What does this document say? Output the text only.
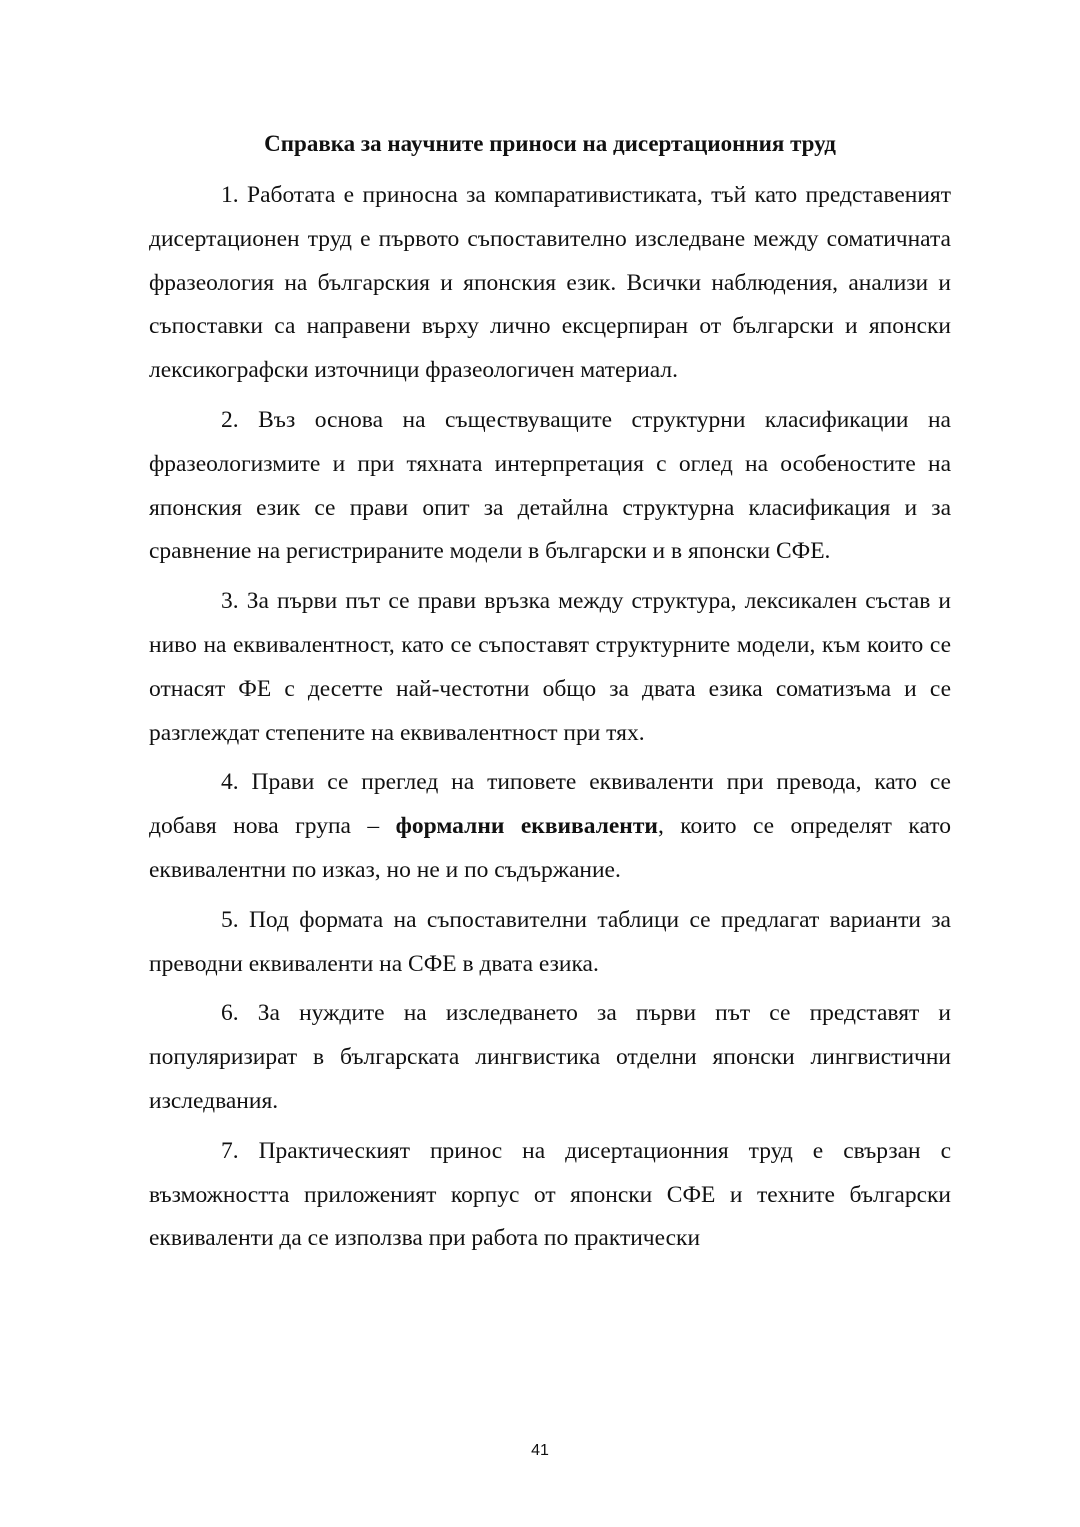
Справка за научните приноси на дисертационния труд

1. Работата е приносна за компаративистиката, тъй като представеният дисертационен труд е първото съпоставително изследване между соматичната фразеология на българския и японския език. Всички наблюдения, анализи и съпоставки са направени върху лично ексцерпиран от български и японски лексикографски източници фразеологичен материал.

2. Въз основа на съществуващите структурни класификации на фразеологизмите и при тяхната интерпретация с оглед на особеностите на японския език се прави опит за детайлна структурна класификация и за сравнение на регистрираните модели в български и в японски СФЕ.

3. За първи път се прави връзка между структура, лексикален състав и ниво на еквивалентност, като се съпоставят структурните модели, към които се отнасят ФЕ с десетте най-честотни общо за двата езика соматизъма и се разглеждат степените на еквивалентност при тях.

4. Прави се преглед на типовете еквиваленти при превода, като се добавя нова група – формални еквиваленти, които се определят като еквивалентни по изказ, но не и по съдържание.

5. Под формата на съпоставителни таблици се предлагат варианти за преводни еквиваленти на СФЕ в двата езика.

6. За нуждите на изследването за първи път се представят и популяризират в българската лингвистика отделни японски лингвистични изследвания.

7. Практическият принос на дисертационния труд е свързан с възможността приложеният корпус от японски СФЕ и техните български еквиваленти да се използва при работа по практически

41
